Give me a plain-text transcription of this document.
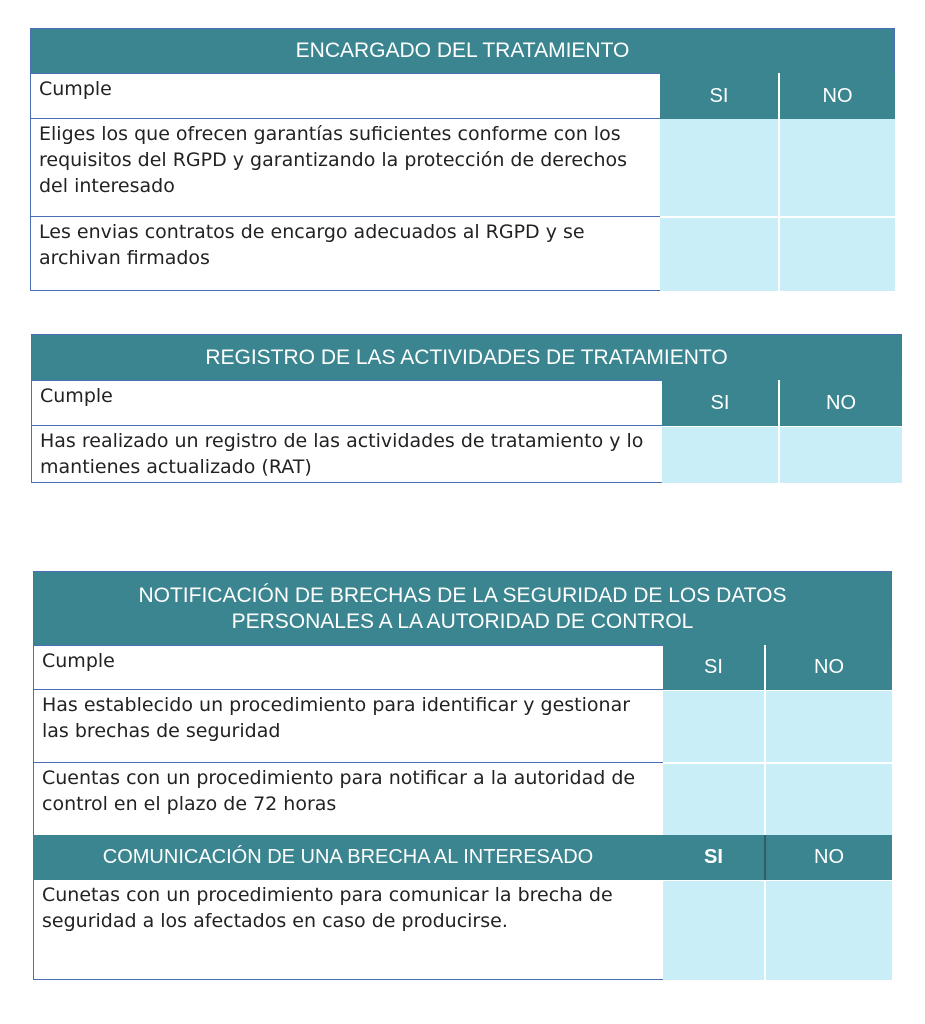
ENCARGADO DEL TRATAMIENTO
Cumple	SI	NO
Eliges los que ofrecen garantías suficientes conforme con los requisitos del RGPD y garantizando la protección de derechos del interesado
Les envias contratos de encargo adecuados al RGPD y se archivan firmados
REGISTRO DE LAS ACTIVIDADES DE TRATAMIENTO
Cumple	SI	NO
Has realizado un registro de las actividades de tratamiento y lo mantienes actualizado (RAT)
NOTIFICACIÓN DE BRECHAS DE LA SEGURIDAD DE LOS DATOS
PERSONALES A LA AUTORIDAD DE CONTROL
Cumple	SI	NO
Has establecido un procedimiento para identificar y gestionar las brechas de seguridad
Cuentas con un procedimiento para notificar a la autoridad de control en el plazo de 72 horas
COMUNICACIÓN DE UNA BRECHA AL INTERESADO	SI	NO
Cunetas con un procedimiento para comunicar la brecha de seguridad a los afectados en caso de producirse.
